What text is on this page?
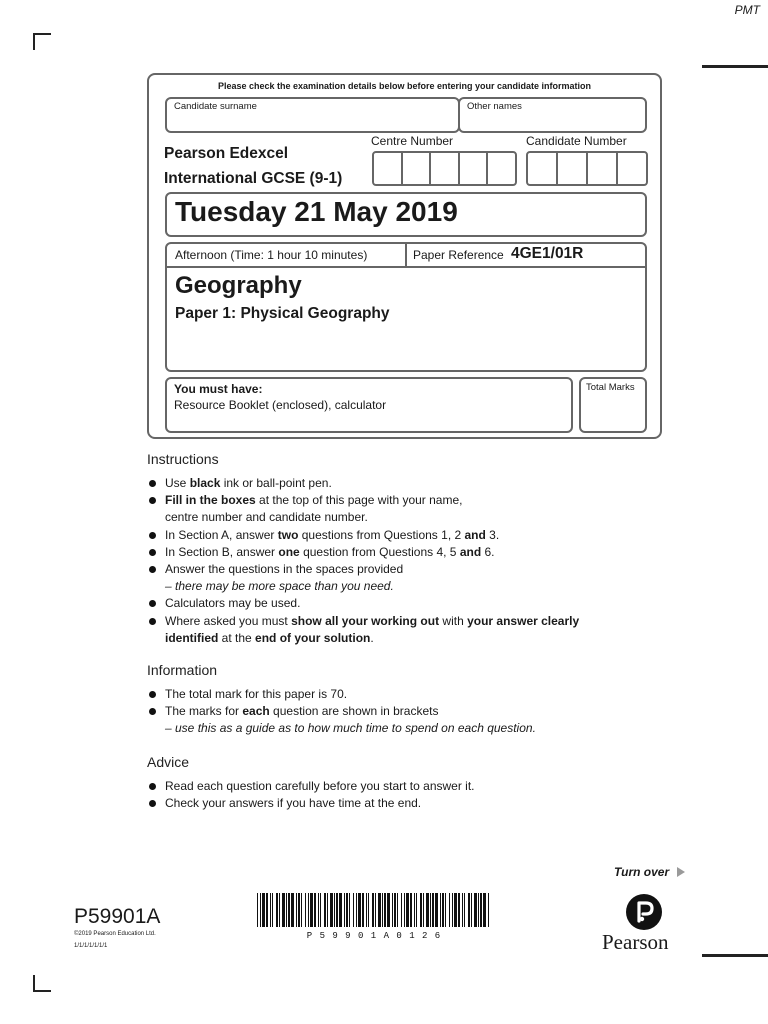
PMT
Please check the examination details below before entering your candidate information
Candidate surname	Other names
Pearson Edexcel
International GCSE (9-1)
Centre Number	Candidate Number
Tuesday 21 May 2019
Afternoon (Time: 1 hour 10 minutes)	Paper Reference 4GE1/01R
Geography
Paper 1: Physical Geography
You must have:
Resource Booklet (enclosed), calculator
Total Marks
Instructions
Use black ink or ball-point pen.
Fill in the boxes at the top of this page with your name,
centre number and candidate number.
In Section A, answer two questions from Questions 1, 2 and 3.
In Section B, answer one question from Questions 4, 5 and 6.
Answer the questions in the spaces provided
– there may be more space than you need.
Calculators may be used.
Where asked you must show all your working out with your answer clearly
identified at the end of your solution.
Information
The total mark for this paper is 70.
The marks for each question are shown in brackets
– use this as a guide as to how much time to spend on each question.
Advice
Read each question carefully before you start to answer it.
Check your answers if you have time at the end.
Turn over
P59901A
©2019 Pearson Education Ltd.
1/1/1/1/1/1/1
P 5 9 9 0 1 A 0 1 2 6	Pearson
